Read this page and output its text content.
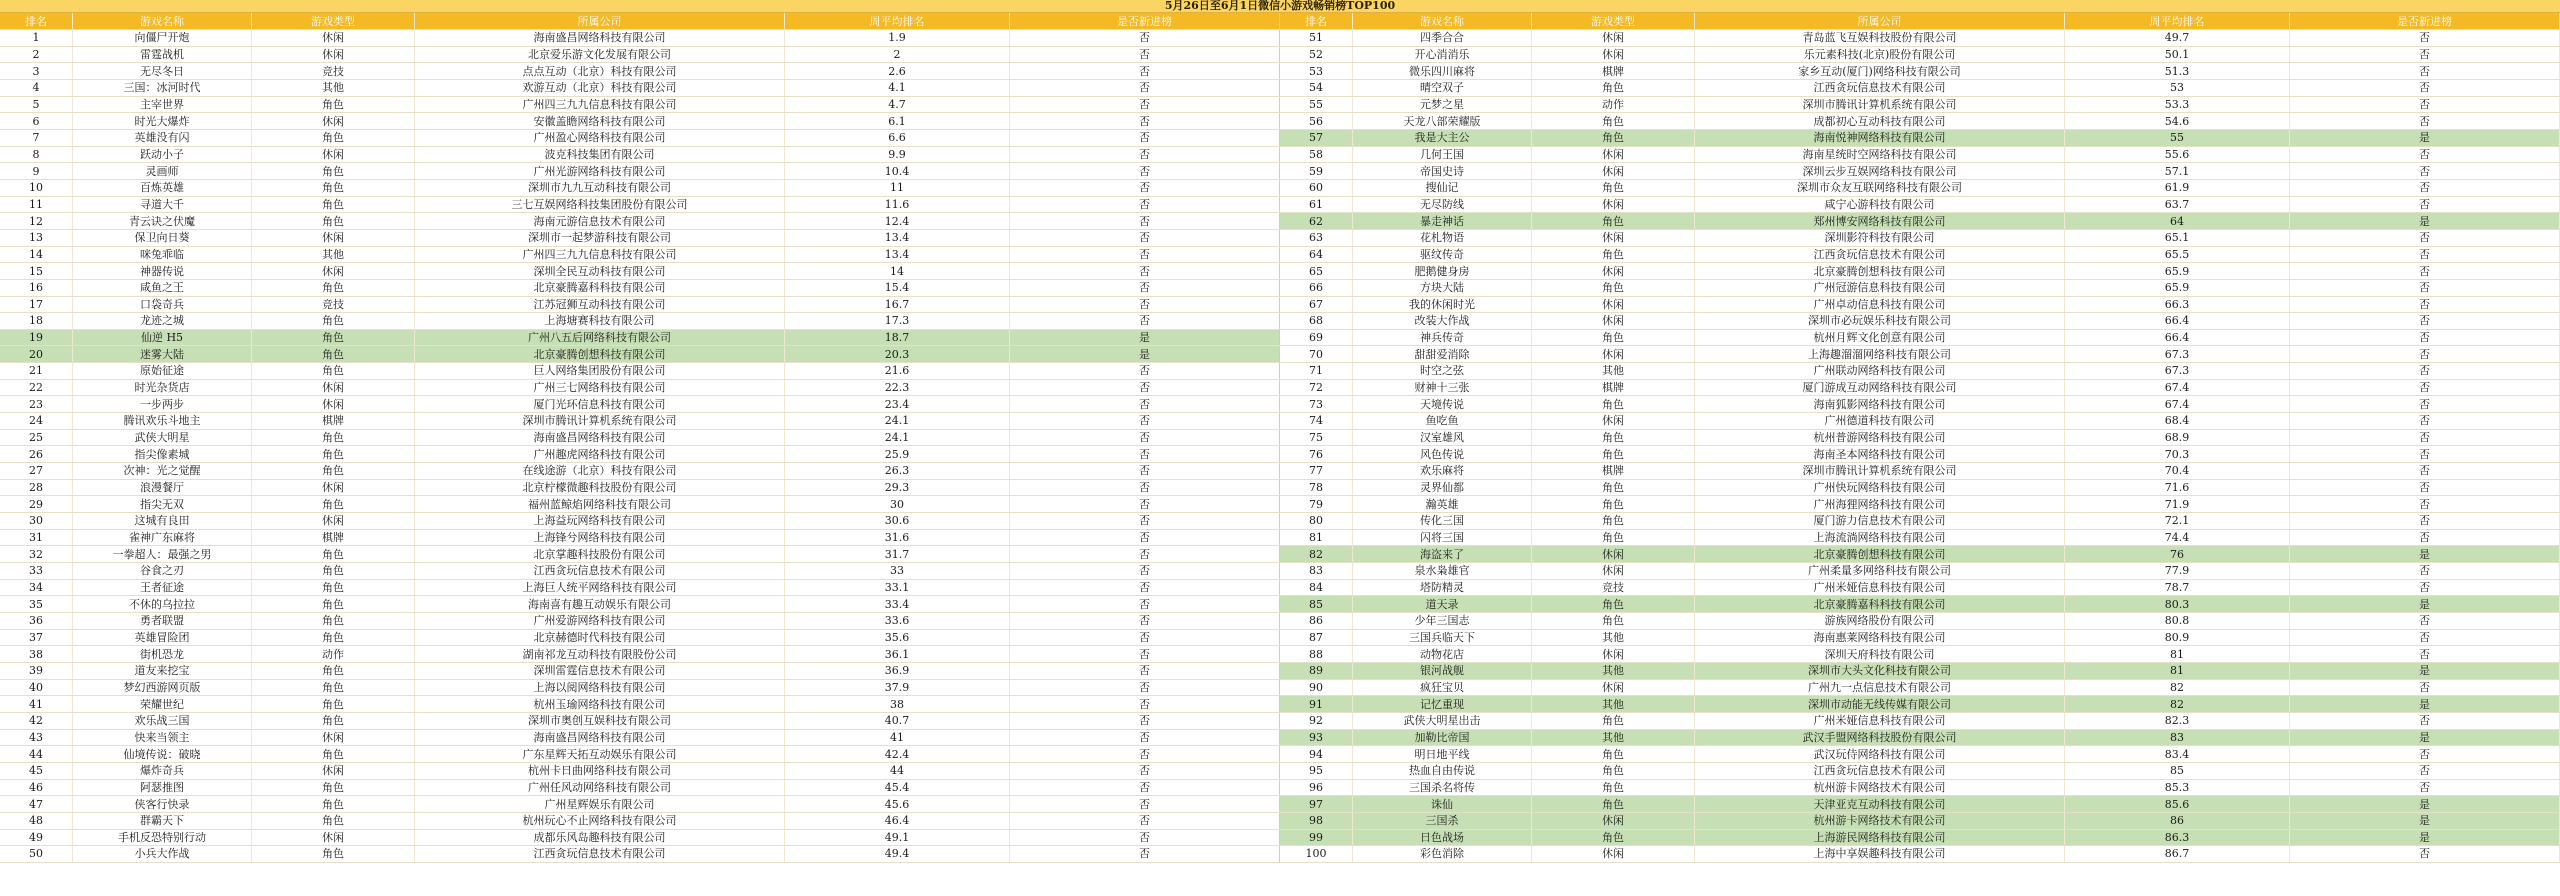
5月26日至6月1日微信小游戏畅销榜TOP100
排名	游戏名称	游戏类型	所属公司	周平均排名	是否新进榜
1	向僵尸开炮	休闲	海南盛昌网络科技有限公司	1.9	否
2	雷霆战机	休闲	北京爱乐游文化发展有限公司	2	否
3	无尽冬日	竞技	点点互动（北京）科技有限公司	2.6	否
4	三国：冰河时代	其他	欢游互动（北京）科技有限公司	4.1	否
5	主宰世界	角色	广州四三九九信息科技有限公司	4.7	否
6	时光大爆炸	休闲	安徽盖瞻网络科技有限公司	6.1	否
7	英雄没有闪	角色	广州盈心网络科技有限公司	6.6	否
8	跃动小子	休闲	波克科技集团有限公司	9.9	否
9	灵画师	角色	广州光游网络科技有限公司	10.4	否
10	百炼英雄	角色	深圳市九九互动科技有限公司	11	否
11	寻道大千	角色	三七互娱网络科技集团股份有限公司	11.6	否
12	青云诀之伏魔	角色	海南元游信息技术有限公司	12.4	否
13	保卫向日葵	休闲	深圳市一起梦游科技有限公司	13.4	否
14	咪兔乖临	其他	广州四三九九信息科技有限公司	13.4	否
15	神器传说	休闲	深圳全民互动科技有限公司	14	否
16	咸鱼之王	角色	北京豪腾嘉科科技有限公司	15.4	否
17	口袋奇兵	竞技	江苏冠狮互动科技有限公司	16.7	否
18	龙迹之城	角色	上海塘赛科技有限公司	17.3	否
19	仙逆 H5	角色	广州八五后网络科技有限公司	18.7	是
20	迷雾大陆	角色	北京豪腾创想科技有限公司	20.3	是
21	原始征途	角色	巨人网络集团股份有限公司	21.6	否
22	时光杂货店	休闲	广州三七网络科技有限公司	22.3	否
23	一步两步	休闲	厦门光环信息科技有限公司	23.4	否
24	腾讯欢乐斗地主	棋牌	深圳市腾讯计算机系统有限公司	24.1	否
25	武侠大明星	角色	海南盛昌网络科技有限公司	24.1	否
26	指尖像素城	角色	广州趣虎网络科技有限公司	25.9	否
27	次神：光之觉醒	角色	在线途游（北京）科技有限公司	26.3	否
28	浪漫餐厅	休闲	北京柠檬微趣科技股份有限公司	29.3	否
29	指尖无双	角色	福州蓝鲸焰网络科技有限公司	30	否
30	这城有良田	休闲	上海益玩网络科技有限公司	30.6	否
31	雀神广东麻将	棋牌	上海锋兮网络科技有限公司	31.6	否
32	一拳超人：最强之男	角色	北京掌趣科技股份有限公司	31.7	否
33	谷食之刃	角色	江西贪玩信息技术有限公司	33	否
34	王者征途	角色	上海巨人统平网络科技有限公司	33.1	否
35	不休的乌拉拉	角色	海南喜有趣互动娱乐有限公司	33.4	否
36	勇者联盟	角色	广州爱游网络科技有限公司	33.6	否
37	英雄冒险团	角色	北京赫德时代科技有限公司	35.6	否
38	街机恐龙	动作	湖南祁龙互动科技有限股份公司	36.1	否
39	道友来挖宝	角色	深圳雷霆信息技术有限公司	36.9	否
40	梦幻西游网页版	角色	上海以阅网络科技有限公司	37.9	否
41	荣耀世纪	角色	杭州玉瑜网络科技有限公司	38	否
42	欢乐战三国	角色	深圳市奥创互娱科技有限公司	40.7	否
43	快来当领主	休闲	海南盛昌网络科技有限公司	41	否
44	仙境传说：破晓	角色	广东星辉天拓互动娱乐有限公司	42.4	否
45	爆炸奇兵	休闲	杭州卡日曲网络科技有限公司	44	否
46	阿瑟推图	角色	广州任风动网络科技有限公司	45.4	否
47	侠客行快录	角色	广州星辉娱乐有限公司	45.6	否
48	群霸天下	角色	杭州玩心不止网络科技有限公司	46.4	否
49	手机反恐特别行动	休闲	成都乐风岛趣科技有限公司	49.1	否
50	小兵大作战	角色	江西贪玩信息技术有限公司	49.4	否
排名	游戏名称	游戏类型	所属公司	周平均排名	是否新进榜
51	四季合合	休闲	青岛蓝飞互娱科技股份有限公司	49.7	否
52	开心消消乐	休闲	乐元素科技(北京)股份有限公司	50.1	否
53	微乐四川麻将	棋牌	家乡互动(厦门)网络科技有限公司	51.3	否
54	晴空双子	角色	江西贪玩信息技术有限公司	53	否
55	元梦之星	动作	深圳市腾讯计算机系统有限公司	53.3	否
56	天龙八部荣耀版	角色	成都初心互动科技有限公司	54.6	否
57	我是大主公	角色	海南悦神网络科技有限公司	55	是
58	几何王国	休闲	海南星统时空网络科技有限公司	55.6	否
59	帝国史诗	休闲	深圳云步互娱网络科技有限公司	57.1	否
60	搜仙记	角色	深圳市众友互联网络科技有限公司	61.9	否
61	无尽防线	休闲	咸宁心游科技有限公司	63.7	否
62	暴走神话	角色	郑州博安网络科技有限公司	64	是
63	花札物语	休闲	深圳影符科技有限公司	65.1	否
64	驱纹传奇	角色	江西贪玩信息技术有限公司	65.5	否
65	肥鹅健身房	休闲	北京豪腾创想科技有限公司	65.9	否
66	方块大陆	角色	广州冠游信息科技有限公司	65.9	否
67	我的休闲时光	休闲	广州卓动信息科技有限公司	66.3	否
68	改装大作战	休闲	深圳市必玩娱乐科技有限公司	66.4	否
69	神兵传奇	角色	杭州月辉文化创意有限公司	66.4	否
70	甜甜爱消除	休闲	上海趣溜溜网络科技有限公司	67.3	否
71	时空之弦	其他	广州联动网络科技有限公司	67.3	否
72	财神十三张	棋牌	厦门游成互动网络科技有限公司	67.4	否
73	天境传说	角色	海南狐影网络科技有限公司	67.4	否
74	鱼吃鱼	休闲	广州德道科技有限公司	68.4	否
75	汉室雄风	角色	杭州普游网络科技有限公司	68.9	否
76	风色传说	角色	海南圣本网络科技有限公司	70.3	否
77	欢乐麻将	棋牌	深圳市腾讯计算机系统有限公司	70.4	否
78	灵界仙都	角色	广州快玩网络科技有限公司	71.6	否
79	瀚英雄	角色	广州海狸网络科技有限公司	71.9	否
80	传化三国	角色	厦门游力信息技术有限公司	72.1	否
81	闪将三国	角色	上海流淌网络科技有限公司	74.4	否
82	海盗来了	休闲	北京豪腾创想科技有限公司	76	是
83	泉水枭雄官	休闲	广州柔量多网络科技有限公司	77.9	否
84	塔防精灵	竞技	广州米娅信息科技有限公司	78.7	否
85	道天录	角色	北京豪腾嘉科科技有限公司	80.3	是
86	少年三国志	角色	游族网络股份有限公司	80.8	否
87	三国兵临天下	其他	海南惠莱网络科技有限公司	80.9	否
88	动物花店	休闲	深圳天府科技有限公司	81	否
89	银河战舰	其他	深圳市大头文化科技有限公司	81	是
90	疯狂宝贝	休闲	广州九一点信息技术有限公司	82	否
91	记忆重现	其他	深圳市动能无线传媒有限公司	82	是
92	武侠大明星出击	角色	广州米娅信息科技有限公司	82.3	否
93	加勒比帝国	其他	武汉手盟网络科技股份有限公司	83	是
94	明日地平线	角色	武汉玩侍网络科技有限公司	83.4	否
95	热血自由传说	角色	江西贪玩信息技术有限公司	85	否
96	三国杀名将传	角色	杭州游卡网络技术有限公司	85.3	否
97	诛仙	角色	天津亚克互动科技有限公司	85.6	是
98	三国杀	休闲	杭州游卡网络技术有限公司	86	是
99	日色战场	角色	上海游民网络科技有限公司	86.3	是
100	彩色消除	休闲	上海中享娱趣科技有限公司	86.7	否
